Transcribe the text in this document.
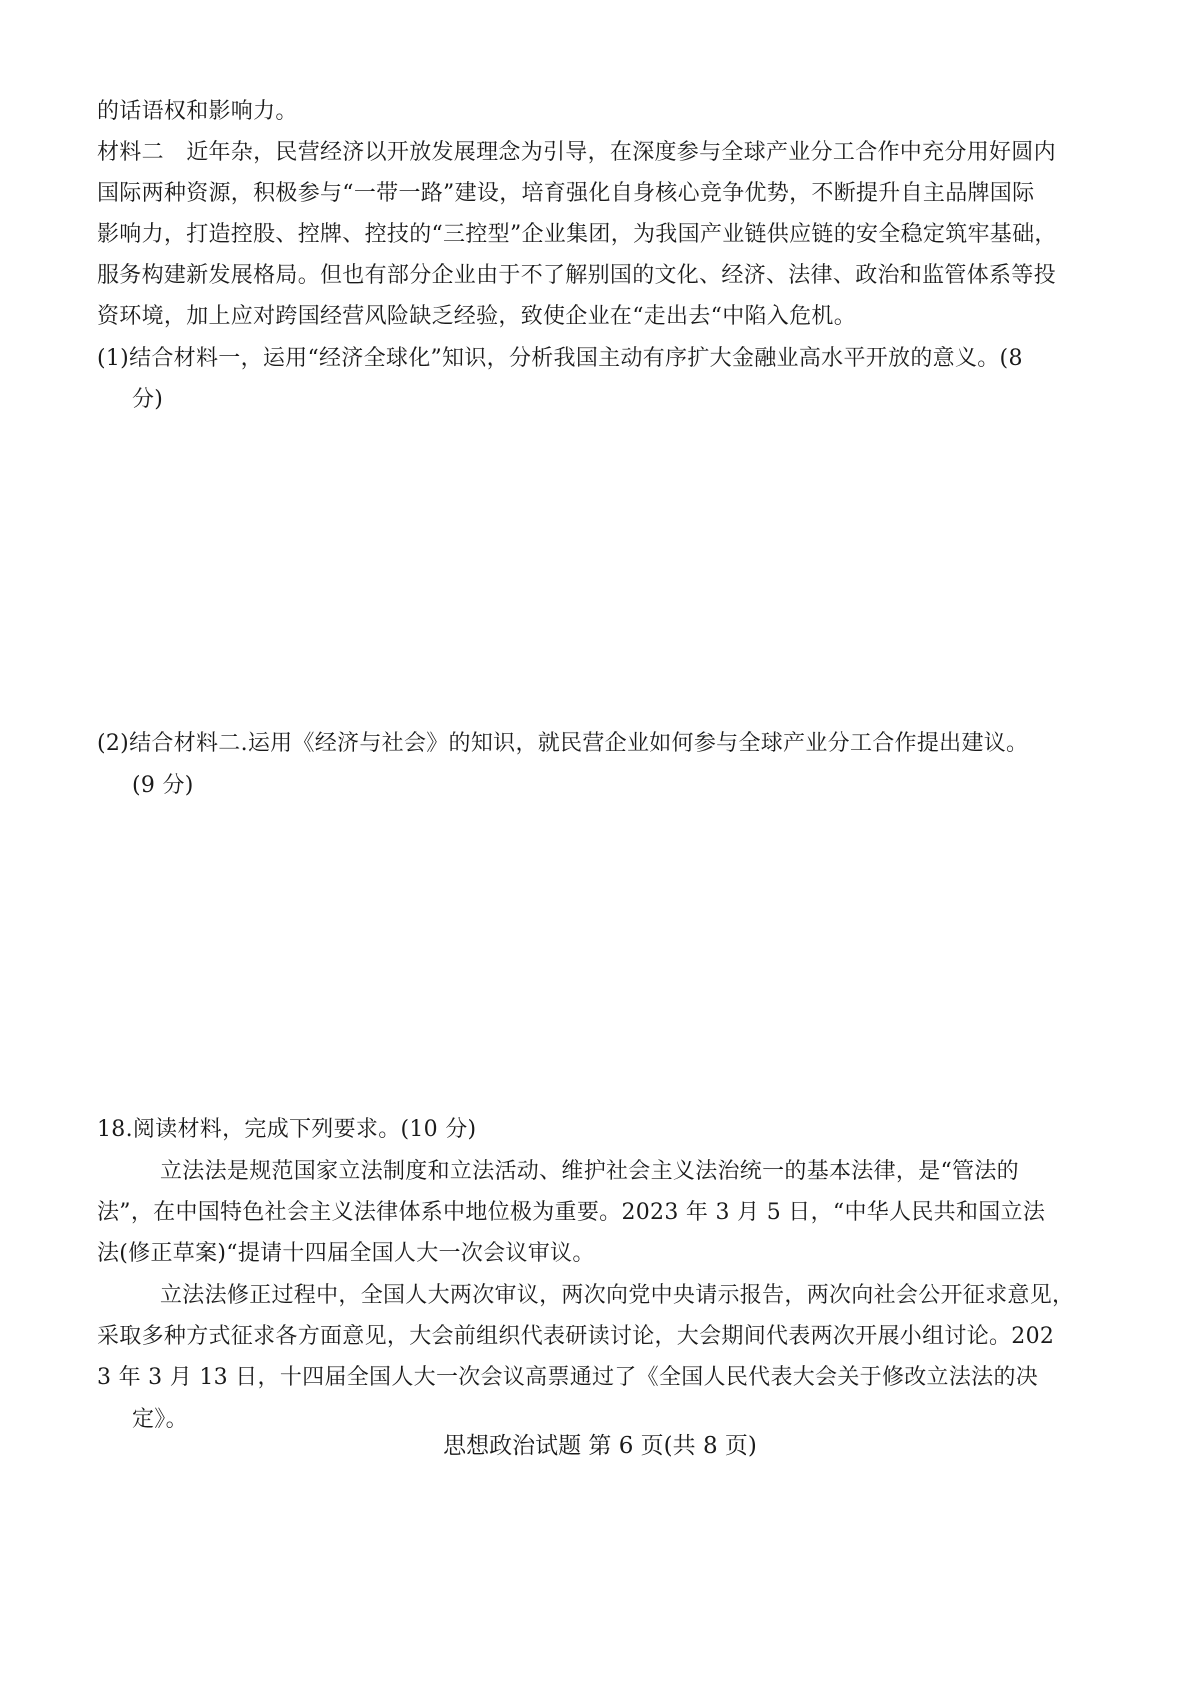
的话语权和影响力。
材料二　近年杂，民营经济以开放发展理念为引导，在深度参与全球产业分工合作中充分用好圆内
国际两种资源，积极参与“一带一路”建设，培育强化自身核心竞争优势，不断提升自主品牌国际
影响力，打造控股、控牌、控技的“三控型”企业集团，为我国产业链供应链的安全稳定筑牢基础，
服务构建新发展格局。但也有部分企业由于不了解别国的文化、经济、法律、政治和监管体系等投
资环境，加上应对跨国经营风险缺乏经验，致使企业在“走出去“中陷入危机。
(1)结合材料一，运用“经济全球化”知识，分析我国主动有序扩大金融业高水平开放的意义。(8
分)
(2)结合材料二.运用《经济与社会》的知识，就民营企业如何参与全球产业分工合作提出建议。
(9 分)
18.阅读材料，完成下列要求。(10 分)
立法法是规范国家立法制度和立法活动、维护社会主义法治统一的基本法律，是“管法的
法”，在中国特色社会主义法律体系中地位极为重要。2023 年 3 月 5 日，“中华人民共和国立法
法(修正草案)“提请十四届全国人大一次会议审议。
立法法修正过程中，全国人大两次审议，两次向党中央请示报告，两次向社会公开征求意见，
采取多种方式征求各方面意见，大会前组织代表研读讨论，大会期间代表两次开展小组讨论。202
3 年 3 月 13 日，十四届全国人大一次会议高票通过了《全国人民代表大会关于修改立法法的决
定》。
思想政治试题 第 6 页(共 8 页)
